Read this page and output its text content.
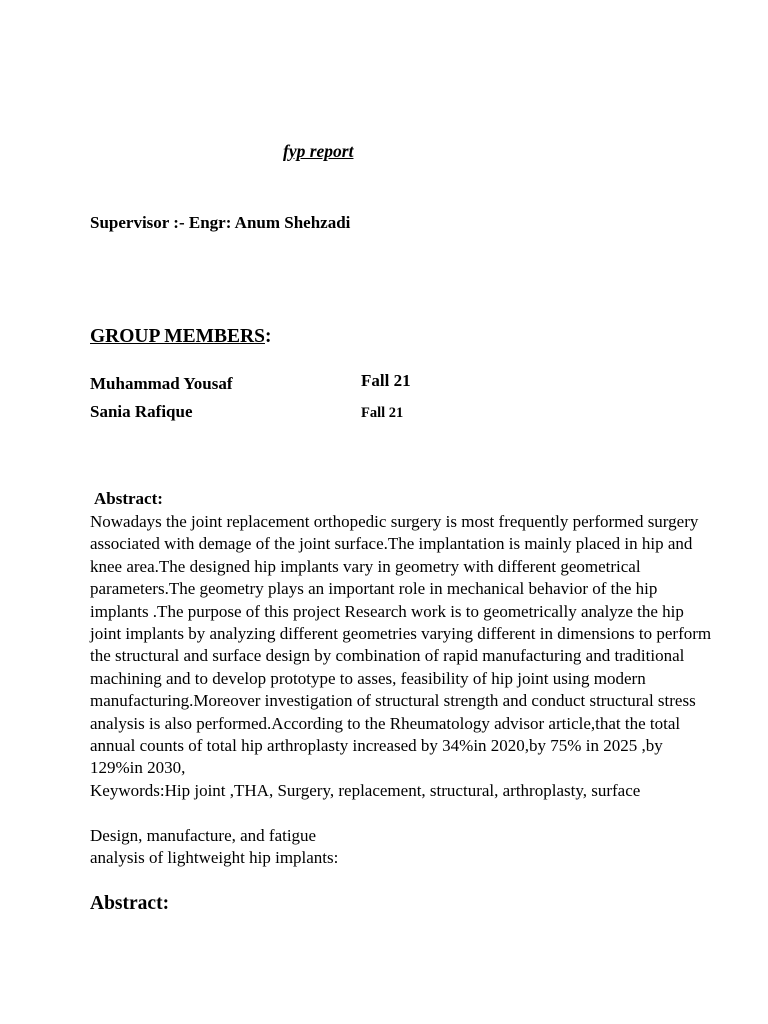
fyp report
Supervisor :- Engr: Anum Shehzadi
GROUP MEMBERS:
Muhammad Yousaf	Fall 21
Sania Rafique	Fall 21
Abstract:
Nowadays the joint replacement orthopedic surgery is most frequently performed surgery
associated with demage of the joint surface.The implantation is mainly placed in hip and
knee area.The designed hip implants vary in geometry with different geometrical
parameters.The geometry plays an important role in mechanical behavior of the hip
implants .The purpose of this project Research work is to geometrically analyze the hip
joint implants by analyzing different geometries varying different in dimensions to perform
the structural and surface design by combination of rapid manufacturing and traditional
machining and to develop prototype to asses, feasibility of hip joint using modern
manufacturing.Moreover investigation of structural strength and conduct structural stress
analysis is also performed.According to the Rheumatology advisor article,that the total
annual counts of total hip arthroplasty increased by 34%in 2020,by 75% in 2025 ,by
129%in 2030,
Keywords:Hip joint ,THA, Surgery, replacement, structural, arthroplasty, surface
Design, manufacture, and fatigue
analysis of lightweight hip implants:
Abstract:
